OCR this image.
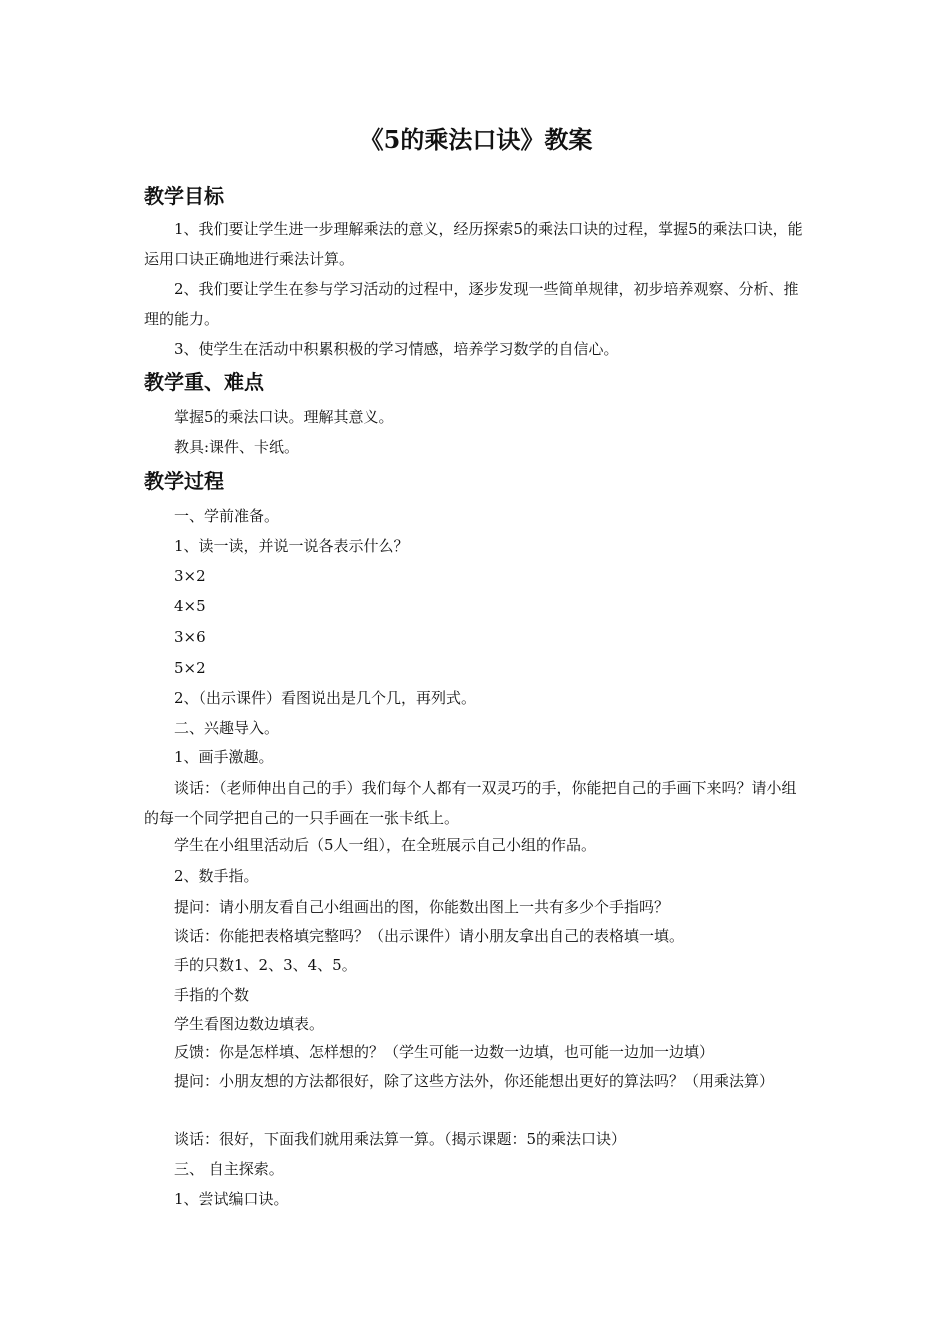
《5的乘法口诀》教案
教学目标

1、我们要让学生进一步理解乘法的意义，经历探索5的乘法口诀的过程，掌握5的乘法口诀，能运用口诀正确地进行乘法计算。

2、我们要让学生在参与学习活动的过程中，逐步发现一些简单规律，初步培养观察、分析、推理的能力。

3、使学生在活动中积累积极的学习情感，培养学习数学的自信心。

教学重、难点

掌握5的乘法口诀。理解其意义。

教具:课件、卡纸。

教学过程

一、学前准备。

1、读一读，并说一说各表示什么？

3×2

4×5

3×6

5×2

2、（出示课件）看图说出是几个几，再列式。

二、兴趣导入。

1、画手激趣。

谈话：（老师伸出自己的手）我们每个人都有一双灵巧的手，你能把自己的手画下来吗？请小组的每一个同学把自己的一只手画在一张卡纸上。

学生在小组里活动后（5人一组），在全班展示自己小组的作品。

2、数手指。

提问：请小朋友看自己小组画出的图，你能数出图上一共有多少个手指吗？

谈话：你能把表格填完整吗？（出示课件）请小朋友拿出自己的表格填一填。

手的只数1、2、3、4、5。

手指的个数

学生看图边数边填表。

反馈：你是怎样填、怎样想的？（学生可能一边数一边填，也可能一边加一边填）

提问：小朋友想的方法都很好，除了这些方法外，你还能想出更好的算法吗？（用乘法算）

谈话：很好，下面我们就用乘法算一算。（揭示课题：5的乘法口诀）

三、 自主探索。

1、尝试编口诀。
